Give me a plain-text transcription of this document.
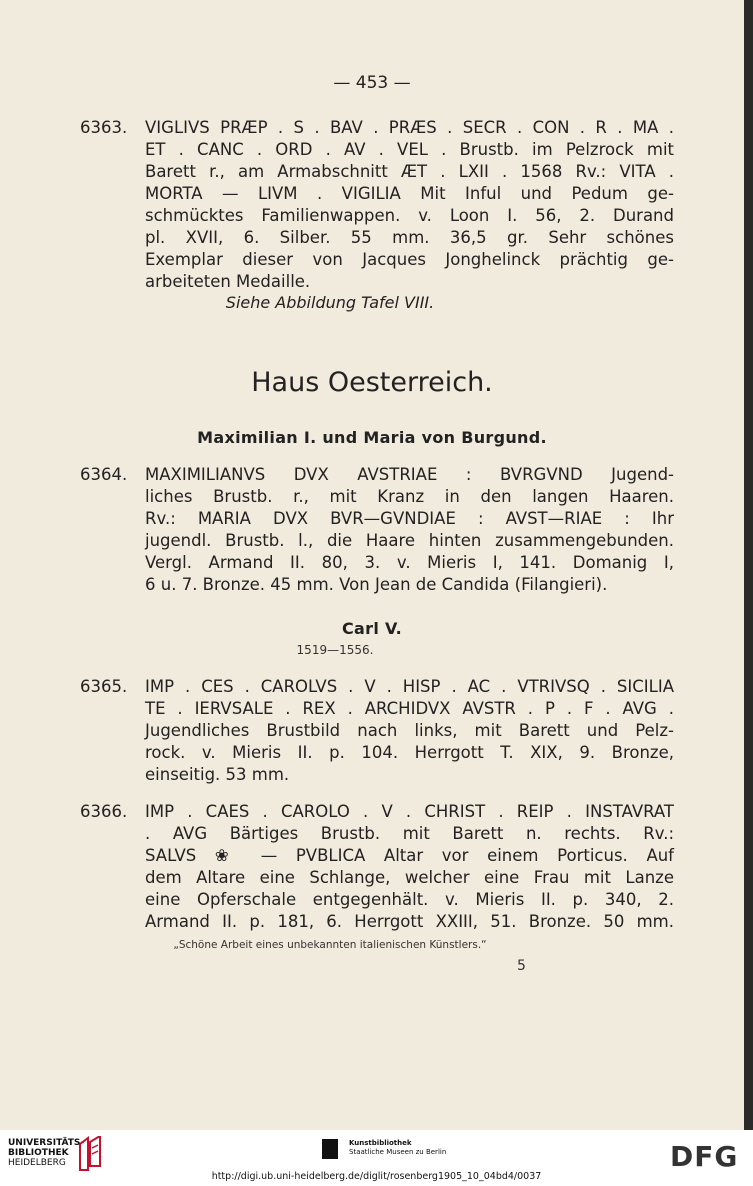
— 453 —
6363. VIGLIVS PRÆP . S . BAV . PRÆS . SECR . CON . R . MA .
ET . CANC . ORD . AV . VEL . Brustb. im Pelzrock mit
Barett r., am Armabschnitt ÆT . LXII . 1568 Rv.: VITA .
MORTA — LIVM . VIGILIA Mit Inful und Pedum ge-
schmücktes Familienwappen. v. Loon I. 56, 2. Durand
pl. XVII, 6. Silber. 55 mm. 36,5 gr. Sehr schönes
Exemplar dieser von Jacques Jonghelinck prächtig ge-
arbeiteten Medaille.
Siehe Abbildung Tafel VIII.
Haus Oesterreich.
Maximilian I. und Maria von Burgund.
6364. MAXIMILIANVS DVX AVSTRIAE : BVRGVND Jugend-
liches Brustb. r., mit Kranz in den langen Haaren.
Rv.: MARIA DVX BVR—GVNDIAE : AVST—RIAE : Ihr
jugendl. Brustb. l., die Haare hinten zusammengebunden.
Vergl. Armand II. 80, 3. v. Mieris I, 141. Domanig I,
6 u. 7. Bronze. 45 mm. Von Jean de Candida (Filangieri).
Carl V.
1519—1556.
6365. IMP . CES . CAROLVS . V . HISP . AC . VTRIVSQ . SICILIA
TE . IERVSALE . REX . ARCHIDVX AVSTR . P . F . AVG .
Jugendliches Brustbild nach links, mit Barett und Pelz-
rock. v. Mieris II. p. 104. Herrgott T. XIX, 9. Bronze,
einseitig. 53 mm.
6366. IMP . CAES . CAROLO . V . CHRIST . REIP . INSTAVRAT
. AVG Bärtiges Brustb. mit Barett n. rechts. Rv.:
SALVS ❀ — PVBLICA Altar vor einem Porticus. Auf
dem Altare eine Schlange, welcher eine Frau mit Lanze
eine Opferschale entgegenhält. v. Mieris II. p. 340, 2.
Armand II. p. 181, 6. Herrgott XXIII, 51. Bronze. 50 mm.
„Schöne Arbeit eines unbekannten italienischen Künstlers.“
5
UNIVERSITÄTS-
BIBLIOTHEK
HEIDELBERG
Kunstbibliothek
Staatliche Museen zu Berlin	DFG
http://digi.ub.uni-heidelberg.de/diglit/rosenberg1905_10_04bd4/0037
